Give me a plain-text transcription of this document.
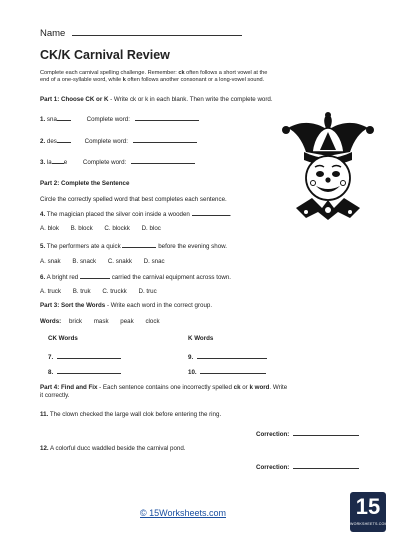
Name
CK/K Carnival Review
Complete each carnival spelling challenge. Remember: ck often follows a short vowel at the
end of a one-syllable word, while k often follows another consonant or a long-vowel sound.
Part 1: Choose CK or K - Write ck or k in each blank. Then write the complete word.
1. sna	Complete word:
2. des	Complete word:
3. la e	Complete word:
Part 2: Complete the Sentence
Circle the correctly spelled word that best completes each sentence.
4. The magician placed the silver coin inside a wooden	.
A. blok B. block C. blockk D. bloc
5. The performers ate a quick	before the evening show.
A. snak B. snack C. snakk D. snac
6. A bright red	carried the carnival equipment across town.
A. truck B. truk C. truckk D. truc
Part 3: Sort the Words - Write each word in the correct group.
Words: brick mask peak clock
CK Words	K Words
7.	9.
8.	10.
Part 4: Find and Fix - Each sentence contains one incorrectly spelled ck or k word. Write
it correctly.
11. The clown checked the large wall clok before entering the ring.
Correction:
12. A colorful ducc waddled beside the carnival pond.
Correction:
© 15Worksheets.com	15
WORKSHEETS.COM
